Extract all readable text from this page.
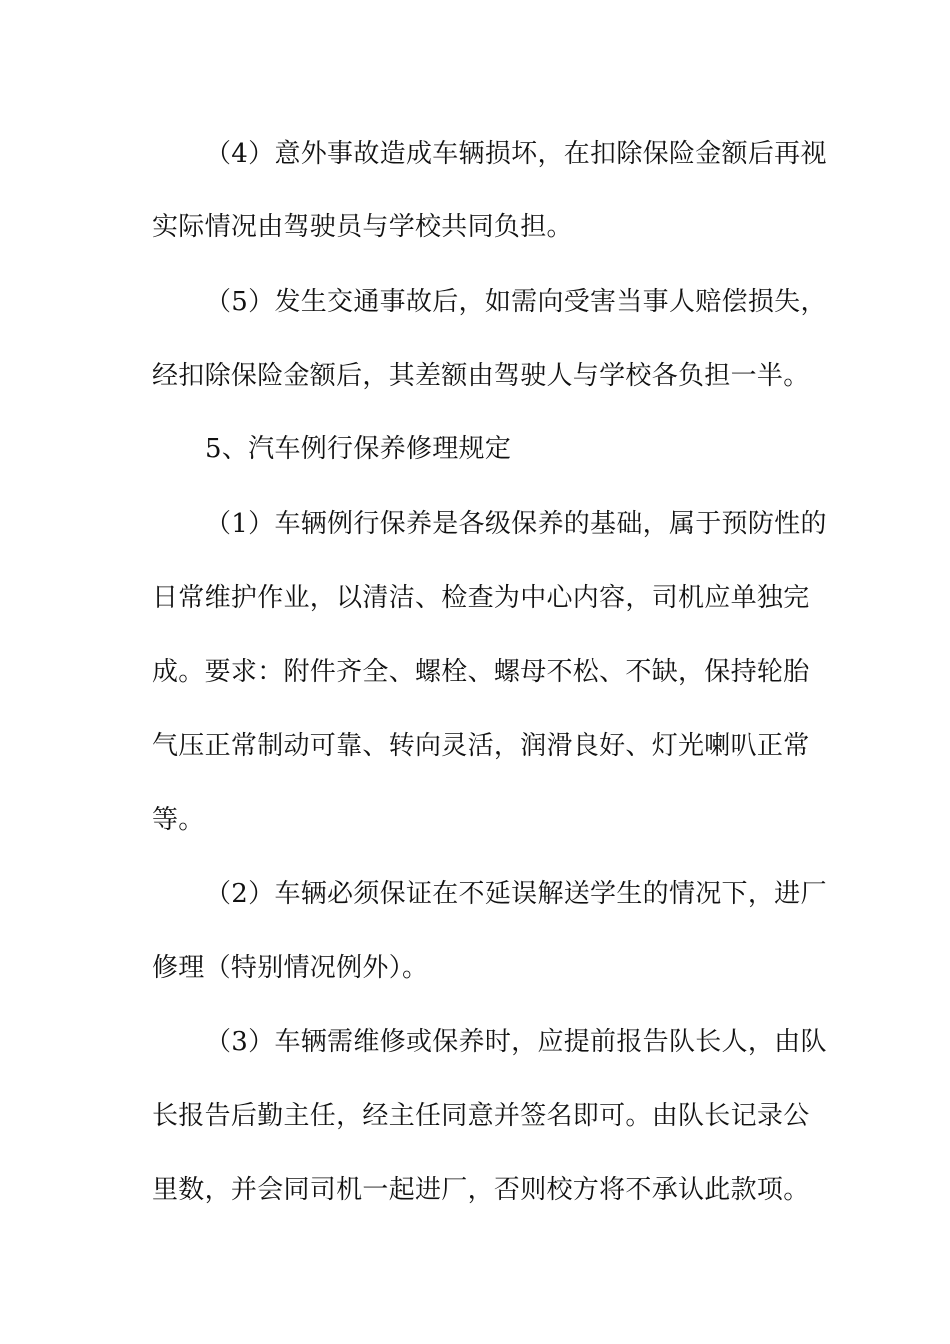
（4）意外事故造成车辆损坏，在扣除保险金额后再视
实际情况由驾驶员与学校共同负担。
（5）发生交通事故后，如需向受害当事人赔偿损失，
经扣除保险金额后，其差额由驾驶人与学校各负担一半。
5、汽车例行保养修理规定
（1）车辆例行保养是各级保养的基础，属于预防性的
日常维护作业，以清洁、检查为中心内容，司机应单独完
成。要求：附件齐全、螺栓、螺母不松、不缺，保持轮胎
气压正常制动可靠、转向灵活，润滑良好、灯光喇叭正常
等。
（2）车辆必须保证在不延误解送学生的情况下，进厂
修理（特别情况例外）。
（3）车辆需维修或保养时，应提前报告队长人，由队
长报告后勤主任，经主任同意并签名即可。由队长记录公
里数，并会同司机一起进厂，否则校方将不承认此款项。
